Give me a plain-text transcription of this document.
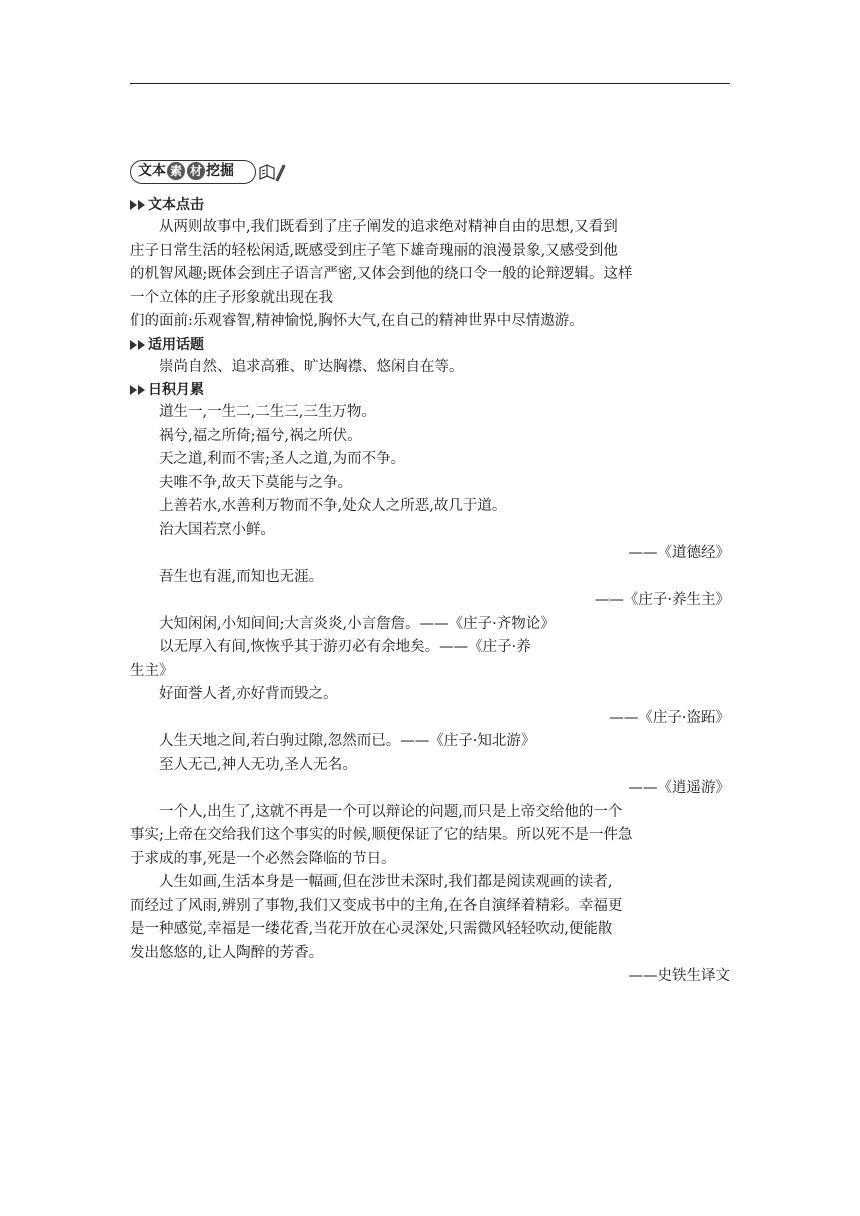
文本 素 材 挖掘
文本点击

从两则故事中,我们既看到了庄子阐发的追求绝对精神自由的思想,又看到

庄子日常生活的轻松闲适,既感受到庄子笔下雄奇瑰丽的浪漫景象,又感受到他

的机智风趣;既体会到庄子语言严密,又体会到他的绕口令一般的论辩逻辑。这样

一个立体的庄子形象就出现在我

们的面前:乐观睿智,精神愉悦,胸怀大气,在自己的精神世界中尽情遨游。

适用话题

崇尚自然、追求高雅、旷达胸襟、悠闲自在等。

日积月累

道生一,一生二,二生三,三生万物。

祸兮,福之所倚;福兮,祸之所伏。

天之道,利而不害;圣人之道,为而不争。

夫唯不争,故天下莫能与之争。

上善若水,水善利万物而不争,处众人之所恶,故几于道。

治大国若烹小鲜。

——《道德经》

吾生也有涯,而知也无涯。

——《庄子·养生主》

大知闲闲,小知间间;大言炎炎,小言詹詹。——《庄子·齐物论》

以无厚入有间,恢恢乎其于游刃必有余地矣。——《庄子·养

生主》

好面誉人者,亦好背而毁之。

——《庄子·盗跖》

人生天地之间,若白驹过隙,忽然而已。——《庄子·知北游》

至人无己,神人无功,圣人无名。

——《逍遥游》

一个人,出生了,这就不再是一个可以辩论的问题,而只是上帝交给他的一个

事实;上帝在交给我们这个事实的时候,顺便保证了它的结果。所以死不是一件急

于求成的事,死是一个必然会降临的节日。

人生如画,生活本身是一幅画,但在涉世未深时,我们都是阅读观画的读者,

而经过了风雨,辨别了事物,我们又变成书中的主角,在各自演绎着精彩。幸福更

是一种感觉,幸福是一缕花香,当花开放在心灵深处,只需微风轻轻吹动,便能散

发出悠悠的,让人陶醉的芳香。

——史铁生译文
